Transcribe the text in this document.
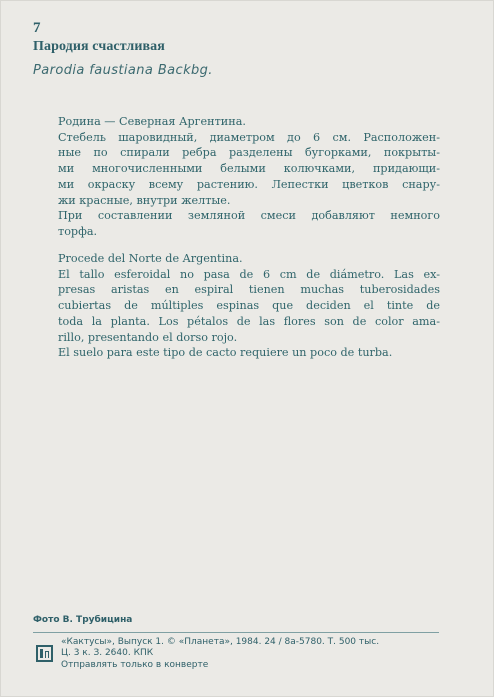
7
Пародия счастливая
Parodia faustiana Backbg.
Родина — Северная Аргентина.
Стебель шаровидный, диаметром до 6 см. Расположен-
ные по спирали ребра разделены бугорками, покрыты-
ми многочисленными белыми колючками, придающи-
ми окраску всему растению. Лепестки цветков снару-
жи красные, внутри желтые.
При составлении земляной смеси добавляют немного
торфа.
Procede del Norte de Argentina.
El tallo esferoidal no pasa de 6 cm de diámetro. Las ex-
presas aristas en espiral tienen muchas tuberosidades
cubiertas de múltiples espinas que deciden el tinte de
toda la planta. Los pétalos de las flores son de color ama-
rillo, presentando el dorso rojo.
El suelo para este tipo de cacto requiere un poco de turba.
Фото В. Трубицина
«Кактусы», Выпуск 1. © «Планета», 1984. 24 / 8а-5780. Т. 500 тыс.
Ц. 3 к. З. 2640. КПК
Отправлять только в конверте
